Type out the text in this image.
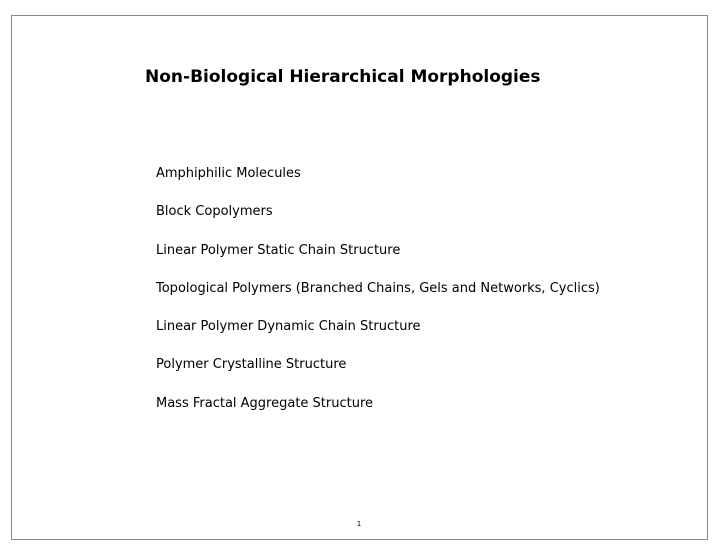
Non-Biological Hierarchical Morphologies
Amphiphilic Molecules
Block Copolymers
Linear Polymer Static Chain Structure
Topological Polymers (Branched Chains, Gels and Networks, Cyclics)
Linear Polymer Dynamic Chain Structure
Polymer Crystalline Structure
Mass Fractal Aggregate Structure
1
